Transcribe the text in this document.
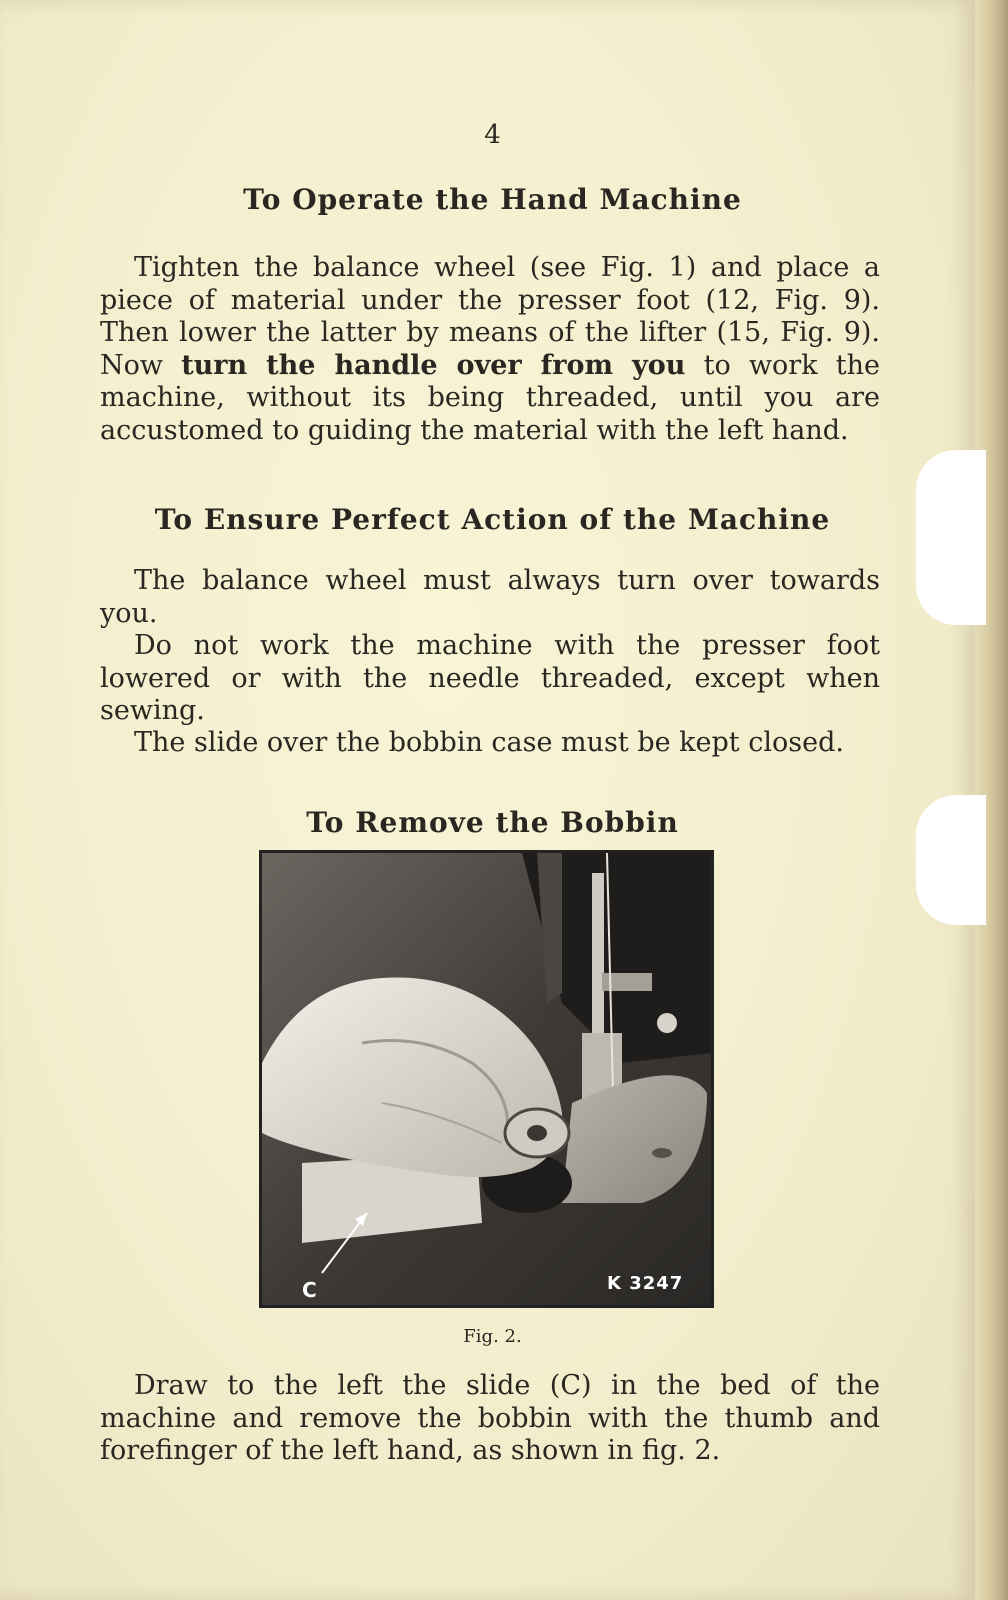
4
To Operate the Hand Machine

Tighten the balance wheel (see Fig. 1) and place a piece of material under the presser foot (12, Fig. 9). Then lower the latter by means of the lifter (15, Fig. 9). Now turn the handle over from you to work the machine, without its being threaded, until you are accustomed to guiding the material with the left hand.

To Ensure Perfect Action of the Machine

The balance wheel must always turn over towards you.

Do not work the machine with the presser foot lowered or with the needle threaded, except when sewing.

The slide over the bobbin case must be kept closed.

To Remove the Bobbin
C	K 3247
Fig. 2.

Draw to the left the slide (C) in the bed of the machine and remove the bobbin with the thumb and forefinger of the left hand, as shown in fig. 2.
